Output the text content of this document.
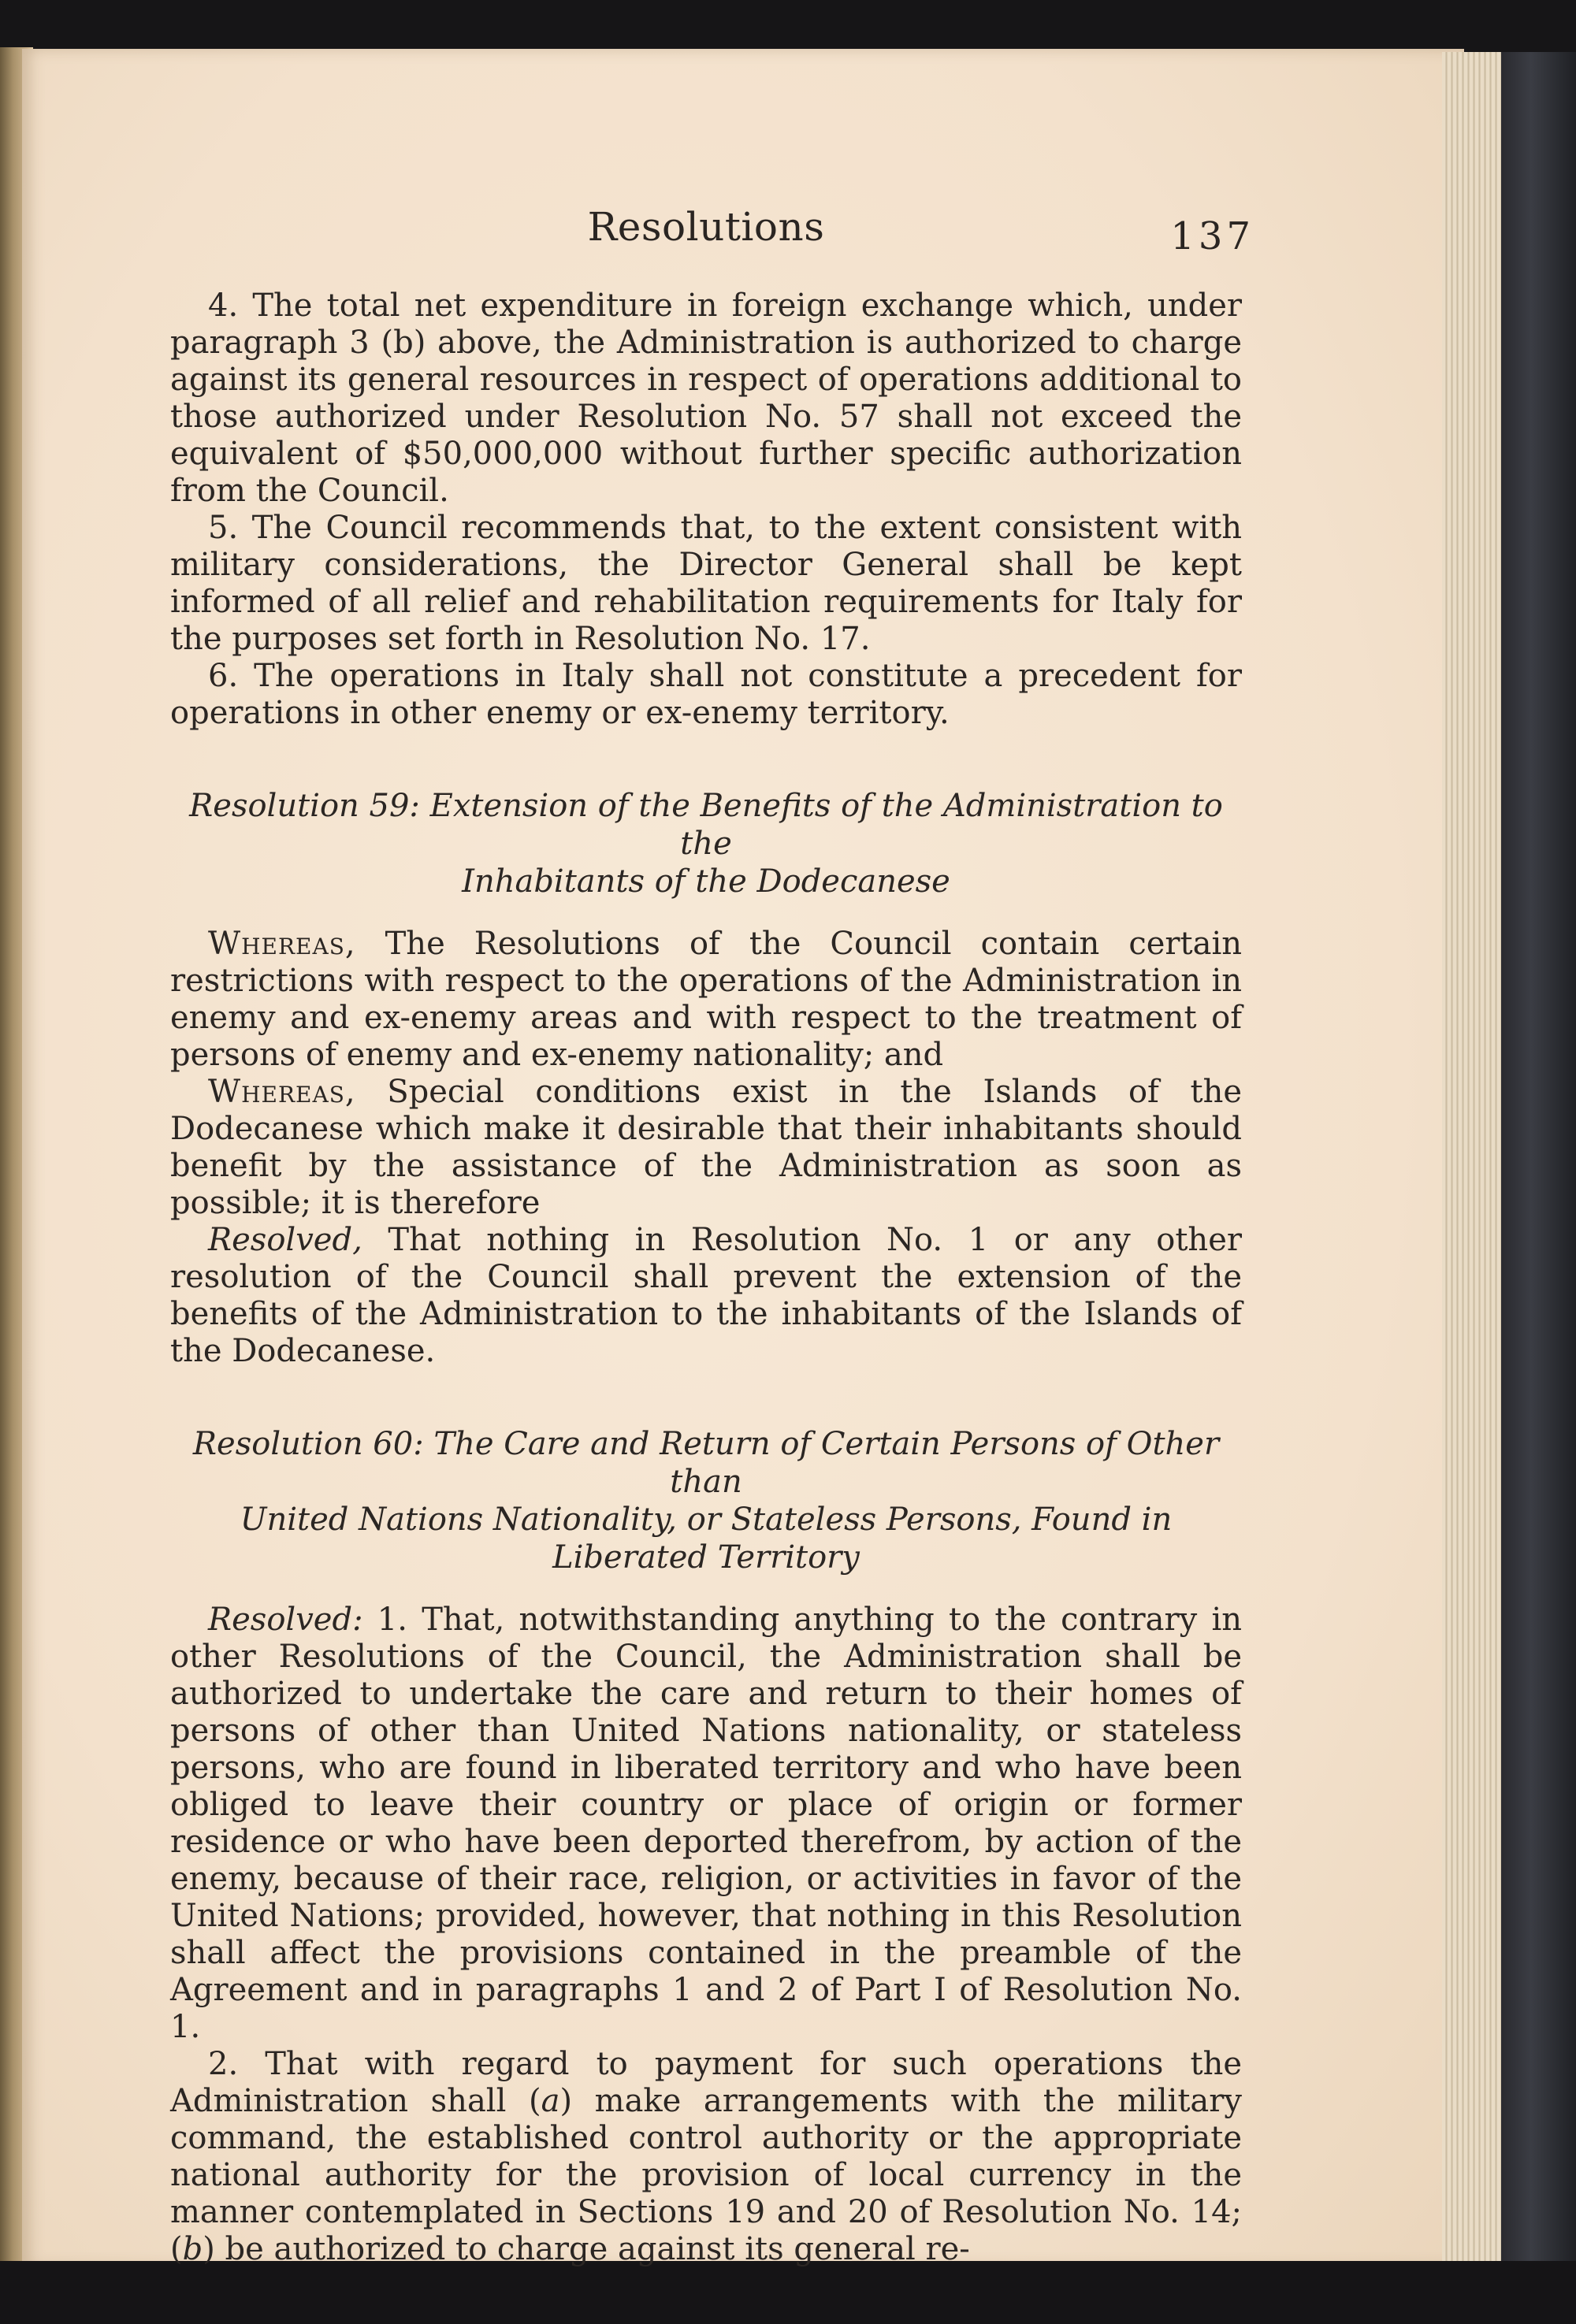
Resolutions	137

4. The total net expenditure in foreign exchange which, under paragraph 3 (b) above, the Administration is authorized to charge against its general resources in respect of operations additional to those authorized under Resolution No. 57 shall not exceed the equivalent of $50,000,000 without further specific authorization from the Council.

5. The Council recommends that, to the extent consistent with military considerations, the Director General shall be kept informed of all relief and rehabilitation requirements for Italy for the purposes set forth in Resolution No. 17.

6. The operations in Italy shall not constitute a precedent for operations in other enemy or ex-enemy territory.

Resolution 59: Extension of the Benefits of the Administration to the
Inhabitants of the Dodecanese

Whereas, The Resolutions of the Council contain certain restrictions with respect to the operations of the Administration in enemy and ex-enemy areas and with respect to the treatment of persons of enemy and ex-enemy nationality; and

Whereas, Special conditions exist in the Islands of the Dodecanese which make it desirable that their inhabitants should benefit by the assistance of the Administration as soon as possible; it is therefore

Resolved, That nothing in Resolution No. 1 or any other resolution of the Council shall prevent the extension of the benefits of the Administration to the inhabitants of the Islands of the Dodecanese.

Resolution 60: The Care and Return of Certain Persons of Other than
United Nations Nationality, or Stateless Persons, Found in
Liberated Territory

Resolved: 1. That, notwithstanding anything to the contrary in other Resolutions of the Council, the Administration shall be authorized to undertake the care and return to their homes of persons of other than United Nations nationality, or stateless persons, who are found in liberated territory and who have been obliged to leave their country or place of origin or former residence or who have been deported therefrom, by action of the enemy, because of their race, religion, or activities in favor of the United Nations; provided, however, that nothing in this Resolution shall affect the provisions contained in the preamble of the Agreement and in paragraphs 1 and 2 of Part I of Resolution No. 1.

2. That with regard to payment for such operations the Administration shall (a) make arrangements with the military command, the established control authority or the appropriate national authority for the provision of local currency in the manner contemplated in Sections 19 and 20 of Resolution No. 14; (b) be authorized to charge against its general re-
